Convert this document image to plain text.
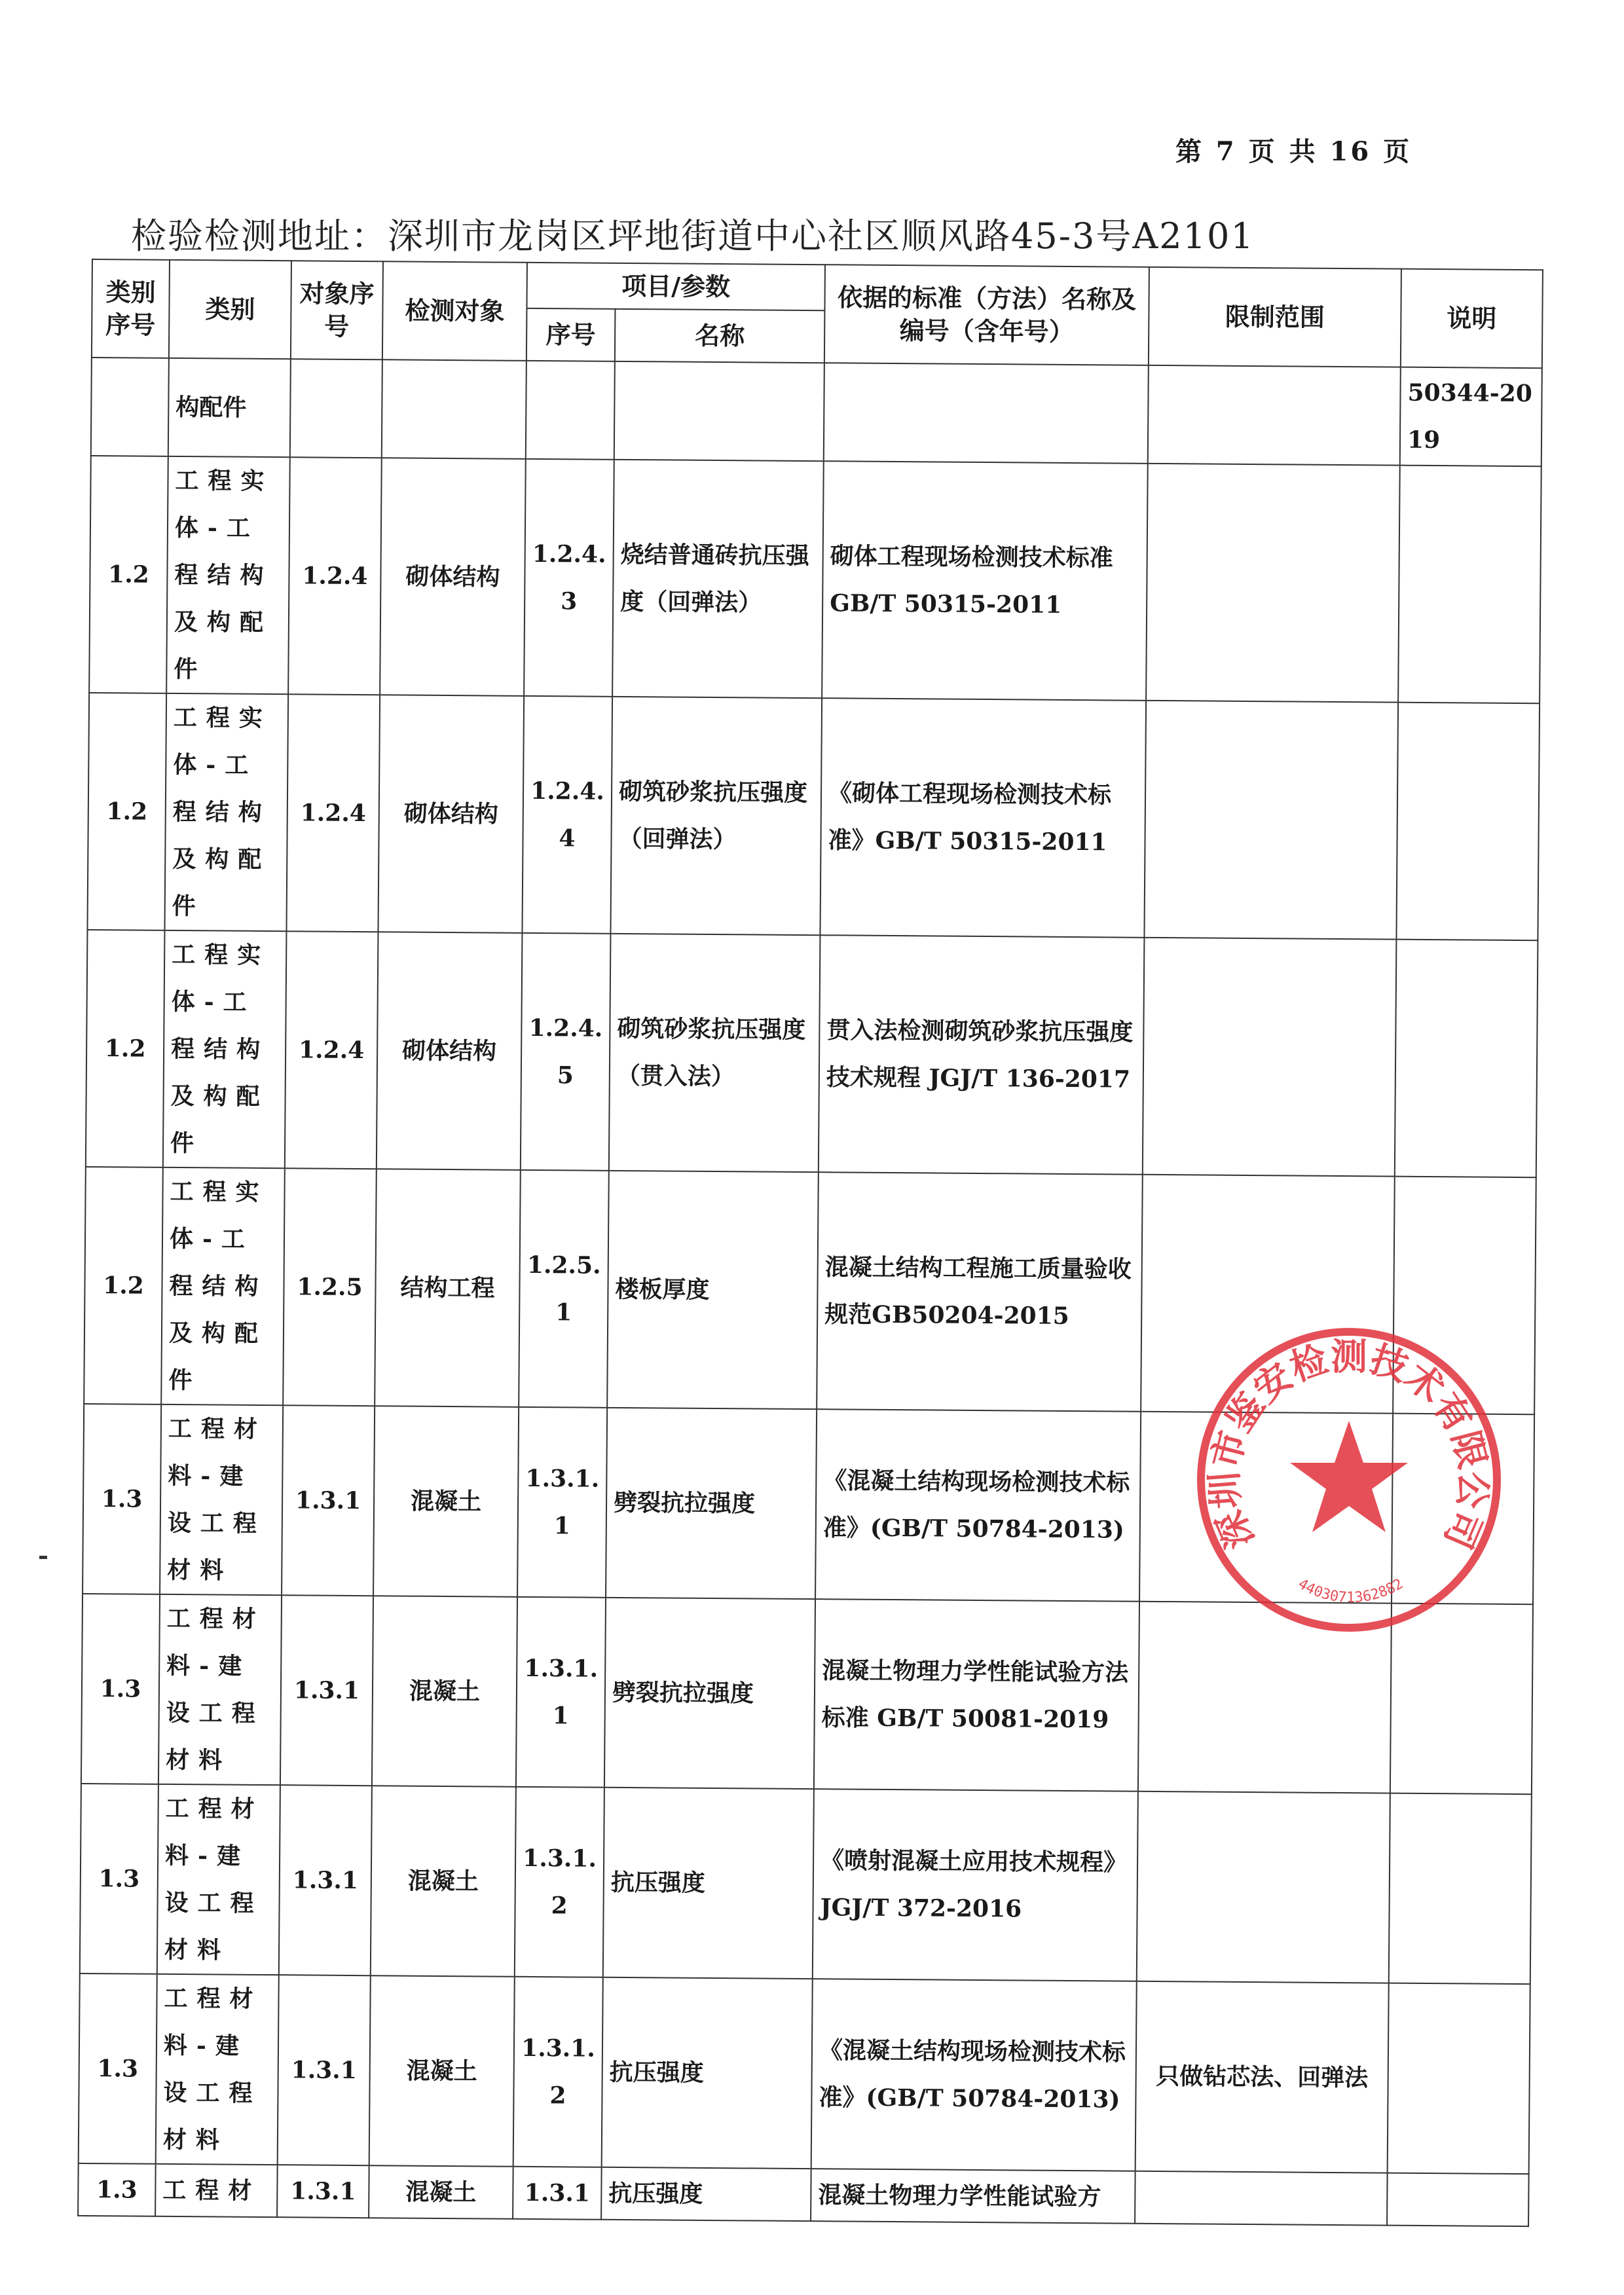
第 7 页 共 16 页
检验检测地址：深圳市龙岗区坪地街道中心社区顺风路45-3号A2101
类别序号	类别	对象序号	检测对象	项目/参数		依据的标准（方法）名称及编号（含年号）	限制范围	说明
				序号	名称			
	构配件							50344-2019
1.2	工程实体-工程结构及构配件	1.2.4	砌体结构	1.2.4.3	烧结普通砖抗压强度（回弹法）	砌体工程现场检测技术标准 GB/T 50315-2011		
1.2	工程实体-工程结构及构配件	1.2.4	砌体结构	1.2.4.4	砌筑砂浆抗压强度（回弹法）	《砌体工程现场检测技术标准》GB/T 50315-2011		
1.2	工程实体-工程结构及构配件	1.2.4	砌体结构	1.2.4.5	砌筑砂浆抗压强度（贯入法）	贯入法检测砌筑砂浆抗压强度技术规程 JGJ/T 136-2017		
1.2	工程实体-工程结构及构配件	1.2.5	结构工程	1.2.5.1	楼板厚度	混凝土结构工程施工质量验收规范GB50204-2015		
1.3	工程材料-建设工程材料	1.3.1	混凝土	1.3.1.1	劈裂抗拉强度	《混凝土结构现场检测技术标准》(GB/T 50784-2013)		
1.3	工程材料-建设工程材料	1.3.1	混凝土	1.3.1.1	劈裂抗拉强度	混凝土物理力学性能试验方法标准 GB/T 50081-2019		
1.3	工程材料-建设工程材料	1.3.1	混凝土	1.3.1.2	抗压强度	《喷射混凝土应用技术规程》JGJ/T 372-2016		
1.3	工程材料-建设工程材料	1.3.1	混凝土	1.3.1.2	抗压强度	《混凝土结构现场检测技术标准》(GB/T 50784-2013)	只做钻芯法、回弹法	
1.3	工程材	1.3.1	混凝土	1.3.1	抗压强度	混凝土物理力学性能试验方		
深圳市鉴安检测技术有限公司
4403071362882
